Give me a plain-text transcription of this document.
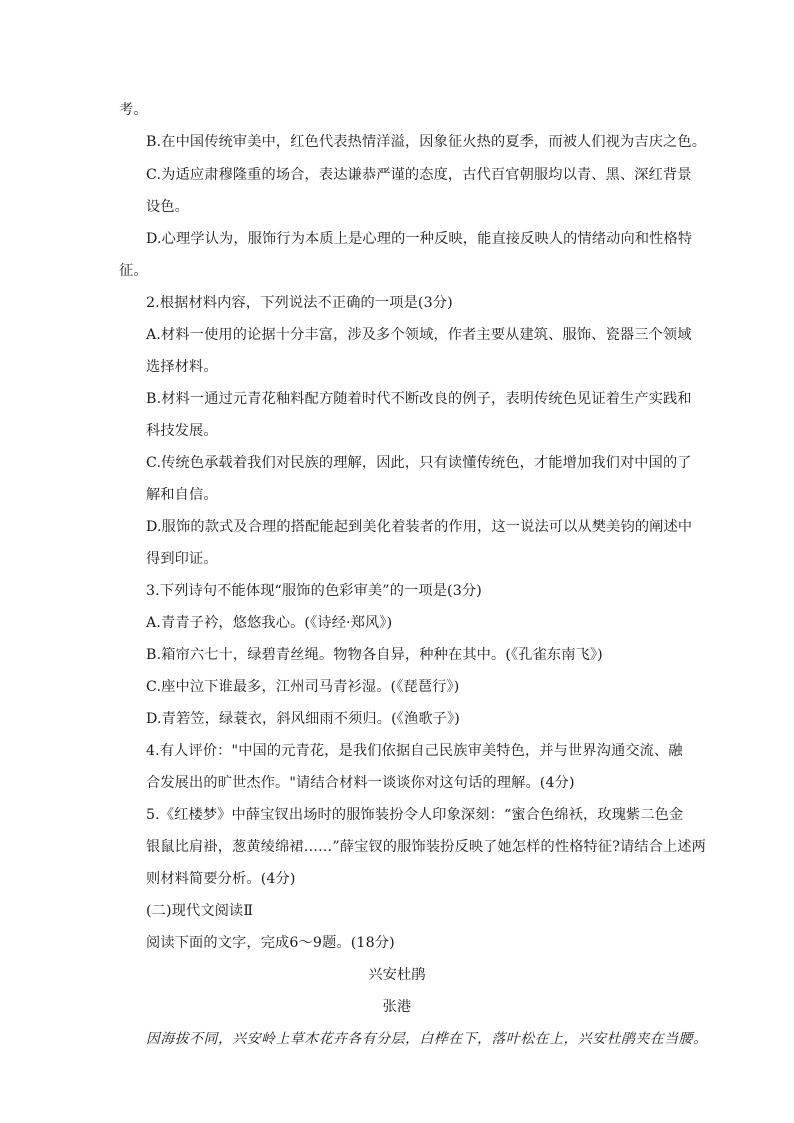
考。
B.在中国传统审美中，红色代表热情洋溢，因象征火热的夏季，而被人们视为吉庆之色。
C.为适应肃穆隆重的场合，表达谦恭严谨的态度，古代百官朝服均以青、黑、深红背景
设色。
D.心理学认为，服饰行为本质上是心理的一种反映，能直接反映人的情绪动向和性格特
征。
2.根据材料内容，下列说法不正确的一项是(3分)
A.材料一使用的论据十分丰富，涉及多个领域，作者主要从建筑、服饰、瓷器三个领域
选择材料。
B.材料一通过元青花釉料配方随着时代不断改良的例子，表明传统色见证着生产实践和
科技发展。
C.传统色承载着我们对民族的理解，因此，只有读懂传统色，才能增加我们对中国的了
解和自信。
D.服饰的款式及合理的搭配能起到美化着装者的作用，这一说法可以从樊美钧的阐述中
得到印证。
3.下列诗句不能体现“服饰的色彩审美”的一项是(3分)
A.青青子衿，悠悠我心。(《诗经·郑风》)
B.箱帘六七十，绿碧青丝绳。物物各自异，种种在其中。(《孔雀东南飞》)
C.座中泣下谁最多，江州司马青衫湿。(《琵琶行》)
D.青箬笠，绿蓑衣，斜风细雨不须归。(《渔歌子》)
4.有人评价："中国的元青花，是我们依据自己民族审美特色，并与世界沟通交流、融
合发展出的旷世杰作。"请结合材料一谈谈你对这句话的理解。(4分)
5.《红楼梦》中薛宝钗出场时的服饰装扮令人印象深刻：“蜜合色绵袄，玫瑰紫二色金
银鼠比肩褂，葱黄绫绵裙……”薛宝钗的服饰装扮反映了她怎样的性格特征?请结合上述两
则材料简要分析。(4分)
(二)现代文阅读Ⅱ
阅读下面的文字，完成6～9题。(18分)
兴安杜鹃
张港
因海拔不同，兴安岭上草木花卉各有分层，白桦在下，落叶松在上，兴安杜鹃夹在当腰。
